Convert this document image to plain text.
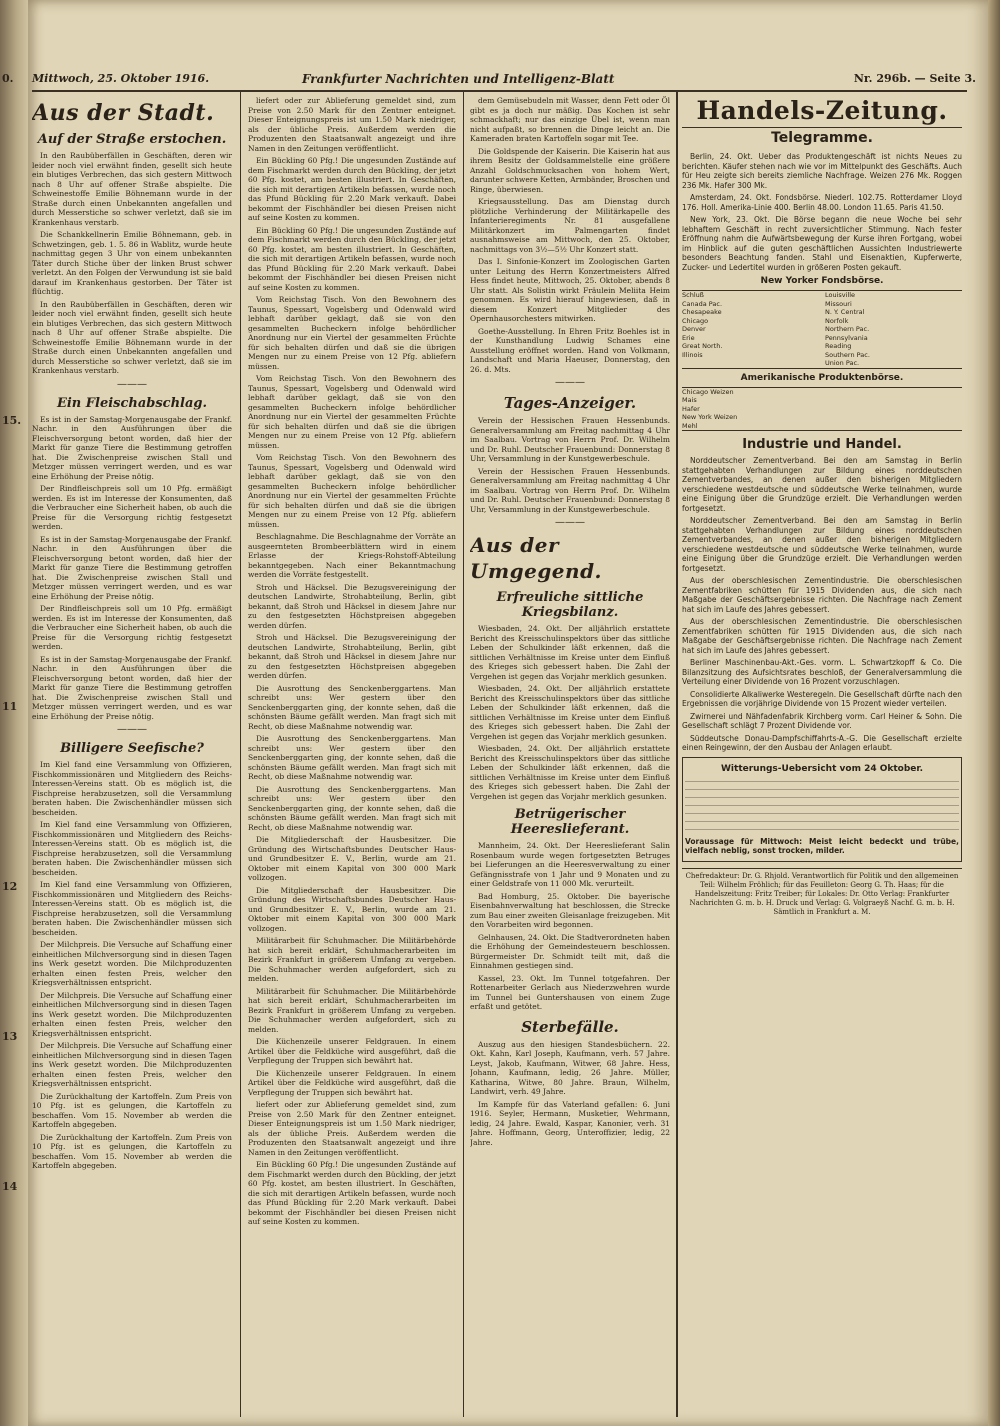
0.
15.
11
12
13
14
Mittwoch, 25. Oktober 1916.	Frankfurter Nachrichten und Intelligenz-Blatt	Nr. 296b. — Seite 3.
Aus der Stadt.
Auf der Straße erstochen.
In den Raubüberfällen in Geschäften, deren wir leider noch viel erwähnt finden, gesellt sich heute ein blutiges Verbrechen, das sich gestern Mittwoch nach 8 Uhr auf offener Straße abspielte. Die Schweinestoffe Emilie Böhnemann wurde in der Straße durch einen Unbekannten angefallen und durch Messerstiche so schwer verletzt, daß sie im Krankenhaus verstarb.
Die Schankkellnerin Emilie Böhnemann, geb. in Schwetzingen, geb. 1. 5. 86 in Wablitz, wurde heute nachmittag gegen 3 Uhr von einem unbekannten Täter durch Stiche über der linken Brust schwer verletzt. An den Folgen der Verwundung ist sie bald darauf im Krankenhaus gestorben. Der Täter ist flüchtig.
In den Raubüberfällen in Geschäften, deren wir leider noch viel erwähnt finden, gesellt sich heute ein blutiges Verbrechen, das sich gestern Mittwoch nach 8 Uhr auf offener Straße abspielte. Die Schweinestoffe Emilie Böhnemann wurde in der Straße durch einen Unbekannten angefallen und durch Messerstiche so schwer verletzt, daß sie im Krankenhaus verstarb.
———
Ein Fleischabschlag.
Es ist in der Samstag-Morgenausgabe der Frankf. Nachr. in den Ausführungen über die Fleischversorgung betont worden, daß hier der Markt für ganze Tiere die Bestimmung getroffen hat. Die Zwischenpreise zwischen Stall und Metzger müssen verringert werden, und es war eine Erhöhung der Preise nötig.
Der Rindfleischpreis soll um 10 Pfg. ermäßigt werden. Es ist im Interesse der Konsumenten, daß die Verbraucher eine Sicherheit haben, ob auch die Preise für die Versorgung richtig festgesetzt werden.
Es ist in der Samstag-Morgenausgabe der Frankf. Nachr. in den Ausführungen über die Fleischversorgung betont worden, daß hier der Markt für ganze Tiere die Bestimmung getroffen hat. Die Zwischenpreise zwischen Stall und Metzger müssen verringert werden, und es war eine Erhöhung der Preise nötig.
Der Rindfleischpreis soll um 10 Pfg. ermäßigt werden. Es ist im Interesse der Konsumenten, daß die Verbraucher eine Sicherheit haben, ob auch die Preise für die Versorgung richtig festgesetzt werden.
Es ist in der Samstag-Morgenausgabe der Frankf. Nachr. in den Ausführungen über die Fleischversorgung betont worden, daß hier der Markt für ganze Tiere die Bestimmung getroffen hat. Die Zwischenpreise zwischen Stall und Metzger müssen verringert werden, und es war eine Erhöhung der Preise nötig.
———
Billigere Seefische?
Im Kiel fand eine Versammlung von Offizieren, Fischkommissionären und Mitgliedern des Reichs-Interessen-Vereins statt. Ob es möglich ist, die Fischpreise herabzusetzen, soll die Versammlung beraten haben. Die Zwischenhändler müssen sich bescheiden.
Im Kiel fand eine Versammlung von Offizieren, Fischkommissionären und Mitgliedern des Reichs-Interessen-Vereins statt. Ob es möglich ist, die Fischpreise herabzusetzen, soll die Versammlung beraten haben. Die Zwischenhändler müssen sich bescheiden.
Im Kiel fand eine Versammlung von Offizieren, Fischkommissionären und Mitgliedern des Reichs-Interessen-Vereins statt. Ob es möglich ist, die Fischpreise herabzusetzen, soll die Versammlung beraten haben. Die Zwischenhändler müssen sich bescheiden.
Der Milchpreis. Die Versuche auf Schaffung einer einheitlichen Milchversorgung sind in diesen Tagen ins Werk gesetzt worden. Die Milchproduzenten erhalten einen festen Preis, welcher den Kriegsverhältnissen entspricht.
Der Milchpreis. Die Versuche auf Schaffung einer einheitlichen Milchversorgung sind in diesen Tagen ins Werk gesetzt worden. Die Milchproduzenten erhalten einen festen Preis, welcher den Kriegsverhältnissen entspricht.
Der Milchpreis. Die Versuche auf Schaffung einer einheitlichen Milchversorgung sind in diesen Tagen ins Werk gesetzt worden. Die Milchproduzenten erhalten einen festen Preis, welcher den Kriegsverhältnissen entspricht.
Die Zurückhaltung der Kartoffeln. Zum Preis von 10 Pfg. ist es gelungen, die Kartoffeln zu beschaffen. Vom 15. November ab werden die Kartoffeln abgegeben.
Die Zurückhaltung der Kartoffeln. Zum Preis von 10 Pfg. ist es gelungen, die Kartoffeln zu beschaffen. Vom 15. November ab werden die Kartoffeln abgegeben.
liefert oder zur Ablieferung gemeldet sind, zum Preise von 2.50 Mark für den Zentner enteignet. Dieser Enteignungspreis ist um 1.50 Mark niedriger, als der übliche Preis. Außerdem werden die Produzenten den Staatsanwalt angezeigt und ihre Namen in den Zeitungen veröffentlicht.
Ein Bückling 60 Pfg.! Die ungesunden Zustände auf dem Fischmarkt werden durch den Bückling, der jetzt 60 Pfg. kostet, am besten illustriert. In Geschäften, die sich mit derartigen Artikeln befassen, wurde noch das Pfund Bückling für 2.20 Mark verkauft. Dabei bekommt der Fischhändler bei diesen Preisen nicht auf seine Kosten zu kommen.
Ein Bückling 60 Pfg.! Die ungesunden Zustände auf dem Fischmarkt werden durch den Bückling, der jetzt 60 Pfg. kostet, am besten illustriert. In Geschäften, die sich mit derartigen Artikeln befassen, wurde noch das Pfund Bückling für 2.20 Mark verkauft. Dabei bekommt der Fischhändler bei diesen Preisen nicht auf seine Kosten zu kommen.
Vom Reichstag Tisch. Von den Bewohnern des Taunus, Spessart, Vogelsberg und Odenwald wird lebhaft darüber geklagt, daß sie von den gesammelten Bucheckern infolge behördlicher Anordnung nur ein Viertel der gesammelten Früchte für sich behalten dürfen und daß sie die übrigen Mengen nur zu einem Preise von 12 Pfg. abliefern müssen.
Vom Reichstag Tisch. Von den Bewohnern des Taunus, Spessart, Vogelsberg und Odenwald wird lebhaft darüber geklagt, daß sie von den gesammelten Bucheckern infolge behördlicher Anordnung nur ein Viertel der gesammelten Früchte für sich behalten dürfen und daß sie die übrigen Mengen nur zu einem Preise von 12 Pfg. abliefern müssen.
Vom Reichstag Tisch. Von den Bewohnern des Taunus, Spessart, Vogelsberg und Odenwald wird lebhaft darüber geklagt, daß sie von den gesammelten Bucheckern infolge behördlicher Anordnung nur ein Viertel der gesammelten Früchte für sich behalten dürfen und daß sie die übrigen Mengen nur zu einem Preise von 12 Pfg. abliefern müssen.
Beschlagnahme. Die Beschlagnahme der Vorräte an ausgeernteten Brombeerblättern wird in einem Erlasse der Kriegs-Rohstoff-Abteilung bekanntgegeben. Nach einer Bekanntmachung werden die Vorräte festgestellt.
Stroh und Häcksel. Die Bezugsvereinigung der deutschen Landwirte, Strohabteilung, Berlin, gibt bekannt, daß Stroh und Häcksel in diesem Jahre nur zu den festgesetzten Höchstpreisen abgegeben werden dürfen.
Stroh und Häcksel. Die Bezugsvereinigung der deutschen Landwirte, Strohabteilung, Berlin, gibt bekannt, daß Stroh und Häcksel in diesem Jahre nur zu den festgesetzten Höchstpreisen abgegeben werden dürfen.
Die Ausrottung des Senckenberggartens. Man schreibt uns: Wer gestern über den Senckenberggarten ging, der konnte sehen, daß die schönsten Bäume gefällt werden. Man fragt sich mit Recht, ob diese Maßnahme notwendig war.
Die Ausrottung des Senckenberggartens. Man schreibt uns: Wer gestern über den Senckenberggarten ging, der konnte sehen, daß die schönsten Bäume gefällt werden. Man fragt sich mit Recht, ob diese Maßnahme notwendig war.
Die Ausrottung des Senckenberggartens. Man schreibt uns: Wer gestern über den Senckenberggarten ging, der konnte sehen, daß die schönsten Bäume gefällt werden. Man fragt sich mit Recht, ob diese Maßnahme notwendig war.
Die Mitgliederschaft der Hausbesitzer. Die Gründung des Wirtschaftsbundes Deutscher Haus- und Grundbesitzer E. V., Berlin, wurde am 21. Oktober mit einem Kapital von 300 000 Mark vollzogen.
Die Mitgliederschaft der Hausbesitzer. Die Gründung des Wirtschaftsbundes Deutscher Haus- und Grundbesitzer E. V., Berlin, wurde am 21. Oktober mit einem Kapital von 300 000 Mark vollzogen.
Militärarbeit für Schuhmacher. Die Militärbehörde hat sich bereit erklärt, Schuhmacherarbeiten im Bezirk Frankfurt in größerem Umfang zu vergeben. Die Schuhmacher werden aufgefordert, sich zu melden.
Militärarbeit für Schuhmacher. Die Militärbehörde hat sich bereit erklärt, Schuhmacherarbeiten im Bezirk Frankfurt in größerem Umfang zu vergeben. Die Schuhmacher werden aufgefordert, sich zu melden.
Die Küchenzeile unserer Feldgrauen. In einem Artikel über die Feldküche wird ausgeführt, daß die Verpflegung der Truppen sich bewährt hat.
Die Küchenzeile unserer Feldgrauen. In einem Artikel über die Feldküche wird ausgeführt, daß die Verpflegung der Truppen sich bewährt hat.
liefert oder zur Ablieferung gemeldet sind, zum Preise von 2.50 Mark für den Zentner enteignet. Dieser Enteignungspreis ist um 1.50 Mark niedriger, als der übliche Preis. Außerdem werden die Produzenten den Staatsanwalt angezeigt und ihre Namen in den Zeitungen veröffentlicht.
Ein Bückling 60 Pfg.! Die ungesunden Zustände auf dem Fischmarkt werden durch den Bückling, der jetzt 60 Pfg. kostet, am besten illustriert. In Geschäften, die sich mit derartigen Artikeln befassen, wurde noch das Pfund Bückling für 2.20 Mark verkauft. Dabei bekommt der Fischhändler bei diesen Preisen nicht auf seine Kosten zu kommen.
dem Gemüsebudeln mit Wasser, denn Fett oder Öl gibt es ja doch nur mäßig. Das Kochen ist sehr schmackhaft; nur das einzige Übel ist, wenn man nicht aufpaßt, so brennen die Dinge leicht an. Die Kameraden braten Kartoffeln sogar mit Tee.
Die Goldspende der Kaiserin. Die Kaiserin hat aus ihrem Besitz der Goldsammelstelle eine größere Anzahl Goldschmucksachen von hohem Wert, darunter schwere Ketten, Armbänder, Broschen und Ringe, überwiesen.
Kriegsausstellung. Das am Dienstag durch plötzliche Verhinderung der Militärkapelle des Infanterieregiments Nr. 81 ausgefallene Militärkonzert im Palmengarten findet ausnahmsweise am Mittwoch, den 25. Oktober, nachmittags von 3½—5½ Uhr Konzert statt.
Das I. Sinfonie-Konzert im Zoologischen Garten unter Leitung des Herrn Konzertmeisters Alfred Hess findet heute, Mittwoch, 25. Oktober, abends 8 Uhr statt. Als Solistin wirkt Fräulein Meliita Heim genommen. Es wird hierauf hingewiesen, daß in diesem Konzert Mitglieder des Opernhausorchesters mitwirken.
Goethe-Ausstellung. In Ehren Fritz Boehles ist in der Kunsthandlung Ludwig Schames eine Ausstellung eröffnet worden. Hand von Volkmann, Landschaft und Maria Haeuser, Donnerstag, den 26. d. Mts.
———
Tages-Anzeiger.
Verein der Hessischen Frauen Hessenbunds. Generalversammlung am Freitag nachmittag 4 Uhr im Saalbau. Vortrag von Herrn Prof. Dr. Wilhelm und Dr. Ruhl. Deutscher Frauenbund: Donnerstag 8 Uhr, Versammlung in der Kunstgewerbeschule.
Verein der Hessischen Frauen Hessenbunds. Generalversammlung am Freitag nachmittag 4 Uhr im Saalbau. Vortrag von Herrn Prof. Dr. Wilhelm und Dr. Ruhl. Deutscher Frauenbund: Donnerstag 8 Uhr, Versammlung in der Kunstgewerbeschule.
———
Aus der Umgegend.
Erfreuliche sittliche Kriegsbilanz.
Wiesbaden, 24. Okt. Der alljährlich erstattete Bericht des Kreisschulinspektors über das sittliche Leben der Schulkinder läßt erkennen, daß die sittlichen Verhältnisse im Kreise unter dem Einfluß des Krieges sich gebessert haben. Die Zahl der Vergehen ist gegen das Vorjahr merklich gesunken.
Wiesbaden, 24. Okt. Der alljährlich erstattete Bericht des Kreisschulinspektors über das sittliche Leben der Schulkinder läßt erkennen, daß die sittlichen Verhältnisse im Kreise unter dem Einfluß des Krieges sich gebessert haben. Die Zahl der Vergehen ist gegen das Vorjahr merklich gesunken.
Wiesbaden, 24. Okt. Der alljährlich erstattete Bericht des Kreisschulinspektors über das sittliche Leben der Schulkinder läßt erkennen, daß die sittlichen Verhältnisse im Kreise unter dem Einfluß des Krieges sich gebessert haben. Die Zahl der Vergehen ist gegen das Vorjahr merklich gesunken.
Betrügerischer Heereslieferant.
Mannheim, 24. Okt. Der Heereslieferant Salin Rosenbaum wurde wegen fortgesetzten Betruges bei Lieferungen an die Heeresverwaltung zu einer Gefängnisstrafe von 1 Jahr und 9 Monaten und zu einer Geldstrafe von 11 000 Mk. verurteilt.
Bad Homburg, 25. Oktober. Die bayerische Eisenbahnverwaltung hat beschlossen, die Strecke zum Bau einer zweiten Gleisanlage freizugeben. Mit den Vorarbeiten wird begonnen.
Gelnhausen, 24. Okt. Die Stadtverordneten haben die Erhöhung der Gemeindesteuern beschlossen. Bürgermeister Dr. Schmidt teilt mit, daß die Einnahmen gestiegen sind.
Kassel, 23. Okt. Im Tunnel totgefahren. Der Rottenarbeiter Gerlach aus Niederzwehren wurde im Tunnel bei Guntershausen von einem Zuge erfaßt und getötet.
Sterbefälle.
Auszug aus den hiesigen Standesbüchern. 22. Okt. Kahn, Karl Joseph, Kaufmann, verh. 57 Jahre. Leyst, Jakob, Kaufmann, Witwer, 68 Jahre. Hess, Johann, Kaufmann, ledig, 26 Jahre. Müller, Katharina, Witwe, 80 Jahre. Braun, Wilhelm, Landwirt, verh. 49 Jahre.
Im Kampfe für das Vaterland gefallen: 6. Juni 1916. Seyler, Hermann, Musketier, Wehrmann, ledig, 24 Jahre. Ewald, Kaspar, Kanonier, verh. 31 Jahre. Hoffmann, Georg, Unteroffizier, ledig, 22 Jahre.
Handels-Zeitung.
Telegramme.
Berlin, 24. Okt. Ueber das Produktengeschäft ist nichts Neues zu berichten. Käufer stehen nach wie vor im Mittelpunkt des Geschäfts. Auch für Heu zeigte sich bereits ziemliche Nachfrage. Weizen 276 Mk. Roggen 236 Mk. Hafer 300 Mk.
Amsterdam, 24. Okt. Fondsbörse. Niederl. 102.75. Rotterdamer Lloyd 176. Holl. Amerika-Linie 400. Berlin 48.00. London 11.65. Paris 41.50.
New York, 23. Okt. Die Börse begann die neue Woche bei sehr lebhaftem Geschäft in recht zuversichtlicher Stimmung. Nach fester Eröffnung nahm die Aufwärtsbewegung der Kurse ihren Fortgang, wobei im Hinblick auf die guten geschäftlichen Aussichten Industriewerte besonders Beachtung fanden. Stahl und Eisenaktien, Kupferwerte, Zucker- und Ledertitel wurden in größeren Posten gekauft.
New Yorker Fondsbörse.
Schluß
Canada Pac.
Chesapeake
Chicago
Denver
Erie
Great North.
Illinois
Louisville
Missouri
N. Y. Central
Norfolk
Northern Pac.
Pennsylvania
Reading
Southern Pac.
Union Pac.
Amerikanische Produktenbörse.
Chicago Weizen
Mais
Hafer
New York Weizen
Mehl
Industrie und Handel.
Norddeutscher Zementverband. Bei den am Samstag in Berlin stattgehabten Verhandlungen zur Bildung eines norddeutschen Zementverbandes, an denen außer den bisherigen Mitgliedern verschiedene westdeutsche und süddeutsche Werke teilnahmen, wurde eine Einigung über die Grundzüge erzielt. Die Verhandlungen werden fortgesetzt.
Norddeutscher Zementverband. Bei den am Samstag in Berlin stattgehabten Verhandlungen zur Bildung eines norddeutschen Zementverbandes, an denen außer den bisherigen Mitgliedern verschiedene westdeutsche und süddeutsche Werke teilnahmen, wurde eine Einigung über die Grundzüge erzielt. Die Verhandlungen werden fortgesetzt.
Aus der oberschlesischen Zementindustrie. Die oberschlesischen Zementfabriken schütten für 1915 Dividenden aus, die sich nach Maßgabe der Geschäftsergebnisse richten. Die Nachfrage nach Zement hat sich im Laufe des Jahres gebessert.
Aus der oberschlesischen Zementindustrie. Die oberschlesischen Zementfabriken schütten für 1915 Dividenden aus, die sich nach Maßgabe der Geschäftsergebnisse richten. Die Nachfrage nach Zement hat sich im Laufe des Jahres gebessert.
Berliner Maschinenbau-Akt.-Ges. vorm. L. Schwartzkopff & Co. Die Bilanzsitzung des Aufsichtsrates beschloß, der Generalversammlung die Verteilung einer Dividende von 16 Prozent vorzuschlagen.
Consolidierte Alkaliwerke Westeregeln. Die Gesellschaft dürfte nach den Ergebnissen die vorjährige Dividende von 15 Prozent wieder verteilen.
Zwirnerei und Nähfadenfabrik Kirchberg vorm. Carl Heiner & Sohn. Die Gesellschaft schlägt 7 Prozent Dividende vor.
Süddeutsche Donau-Dampfschiffahrts-A.-G. Die Gesellschaft erzielte einen Reingewinn, der den Ausbau der Anlagen erlaubt.
Witterungs-Uebersicht vom 24 Oktober.
Voraussage für Mittwoch: Meist leicht bedeckt und trübe, vielfach neblig, sonst trocken, milder.
Chefredakteur: Dr. G. Rhjold. Verantwortlich für Politik und den allgemeinen Teil: Wilhelm Fröhlich; für das Feuilleton: Georg G. Th. Haas; für die Handelszeitung: Fritz Treiber; für Lokales: Dr. Otto Verlag: Frankfurter Nachrichten G. m. b. H. Druck und Verlag: G. Volgraeyß Nachf. G. m. b. H. Sämtlich in Frankfurt a. M.
